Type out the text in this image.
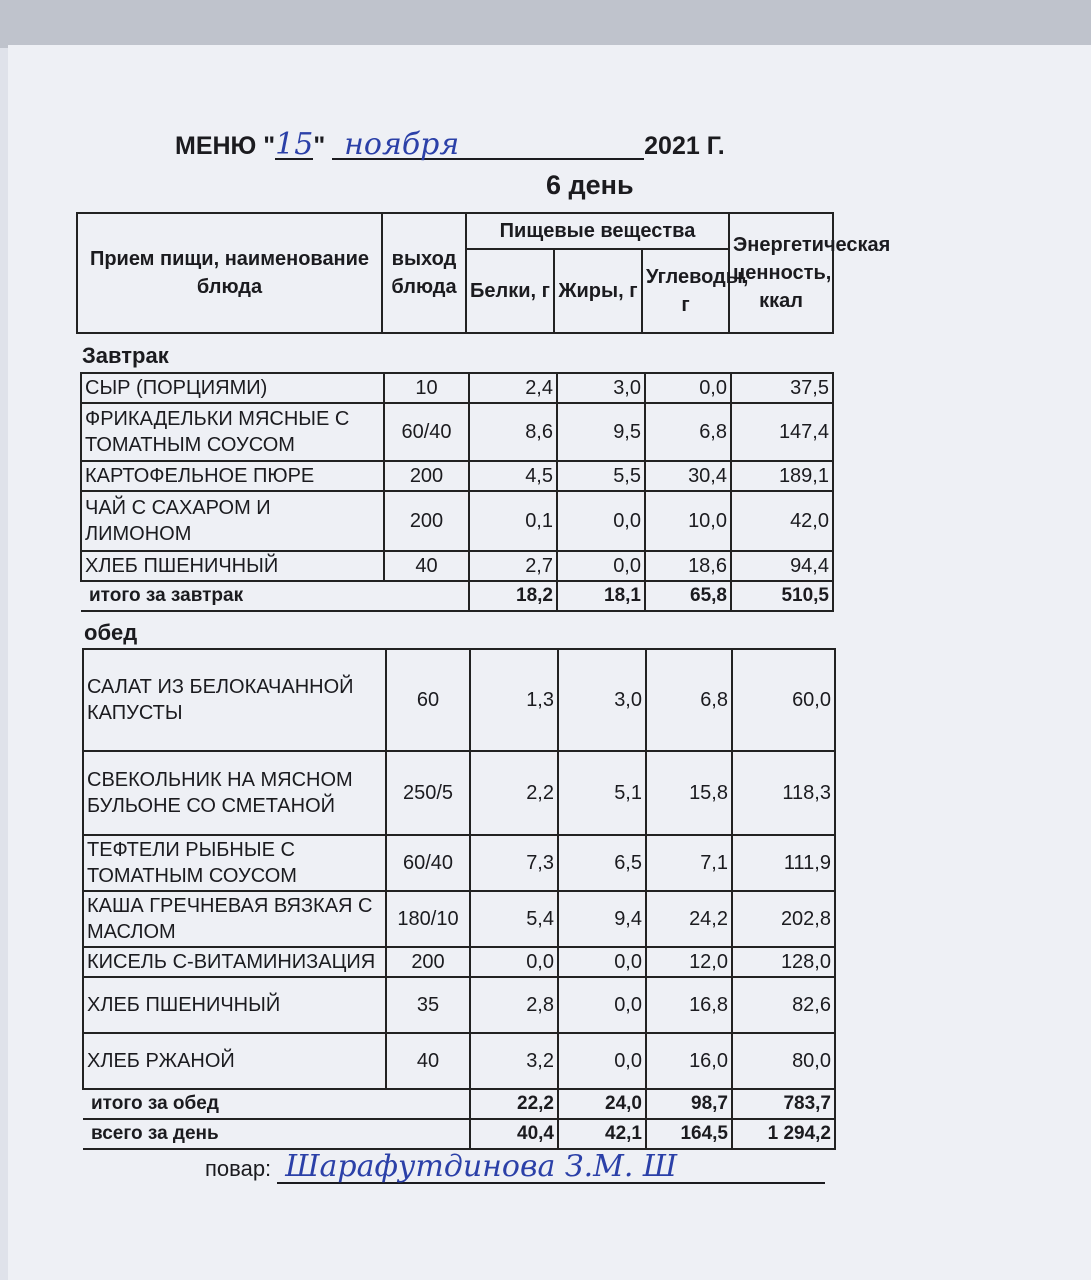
МЕНЮ "15" ноября	2021 Г.
6 день
Прием пищи, наименование блюда	выход блюда	Пищевые вещества			Энергетическая ценность, ккал
		Белки, г	Жиры, г	Углеводы, г	
Завтрак
СЫР (ПОРЦИЯМИ)	10	2,4	3,0	0,0	37,5
ФРИКАДЕЛЬКИ МЯСНЫЕ С ТОМАТНЫМ СОУСОМ	60/40	8,6	9,5	6,8	147,4
КАРТОФЕЛЬНОЕ ПЮРЕ	200	4,5	5,5	30,4	189,1
ЧАЙ С САХАРОМ И ЛИМОНОМ	200	0,1	0,0	10,0	42,0
ХЛЕБ ПШЕНИЧНЫЙ	40	2,7	0,0	18,6	94,4
итого за завтрак		18,2	18,1	65,8	510,5
обед
САЛАТ ИЗ БЕЛОКАЧАННОЙ КАПУСТЫ	60	1,3	3,0	6,8	60,0
СВЕКОЛЬНИК НА МЯСНОМ БУЛЬОНЕ СО СМЕТАНОЙ	250/5	2,2	5,1	15,8	118,3
ТЕФТЕЛИ РЫБНЫЕ С ТОМАТНЫМ СОУСОМ	60/40	7,3	6,5	7,1	111,9
КАША ГРЕЧНЕВАЯ ВЯЗКАЯ С МАСЛОМ	180/10	5,4	9,4	24,2	202,8
КИСЕЛЬ С-ВИТАМИНИЗАЦИЯ	200	0,0	0,0	12,0	128,0
ХЛЕБ ПШЕНИЧНЫЙ	35	2,8	0,0	16,8	82,6
ХЛЕБ РЖАНОЙ	40	3,2	0,0	16,0	80,0
итого за обед		22,2	24,0	98,7	783,7
всего за день		40,4	42,1	164,5	1 294,2
повар: Шарафутдинова З.М. Ш
